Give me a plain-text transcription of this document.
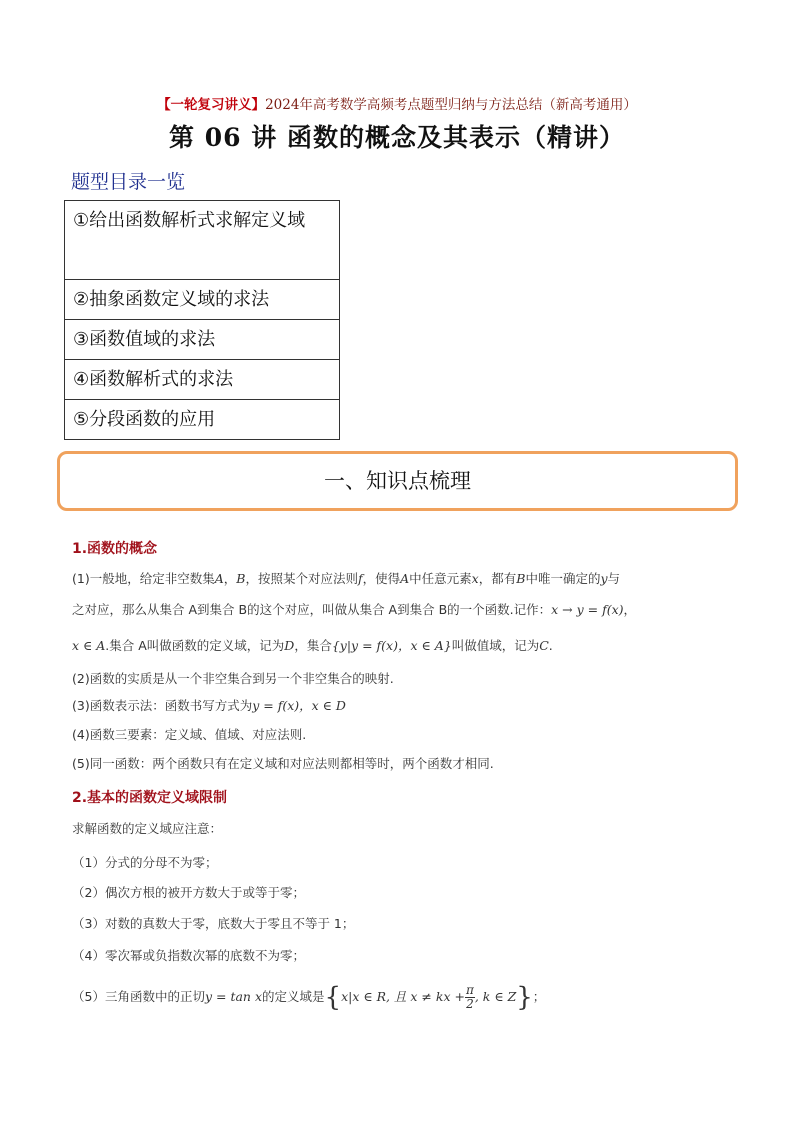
【一轮复习讲义】2024年高考数学高频考点题型归纳与方法总结（新高考通用）
第 06 讲 函数的概念及其表示（精讲）
题型目录一览
①给出函数解析式求解定义域

②抽象函数定义域的求法
③函数值域的求法
④函数解析式的求法
⑤分段函数的应用
一、知识点梳理
1.函数的概念
(1)一般地，给定非空数集A，B，按照某个对应法则f，使得A中任意元素x，都有B中唯一确定的y与
之对应，那么从集合 A到集合 B的这个对应，叫做从集合 A到集合 B的一个函数.记作：x → y = f(x)，
x ∈ A.集合 A叫做函数的定义域，记为D，集合{y|y = f(x)，x ∈ A}叫做值域，记为C.
(2)函数的实质是从一个非空集合到另一个非空集合的映射.
(3)函数表示法：函数书写方式为y = f(x)，x ∈ D
(4)函数三要素：定义域、值域、对应法则.
(5)同一函数：两个函数只有在定义域和对应法则都相等时，两个函数才相同.
2.基本的函数定义域限制
求解函数的定义域应注意：
（1）分式的分母不为零；
（2）偶次方根的被开方数大于或等于零；
（3）对数的真数大于零，底数大于零且不等于 1；
（4）零次幂或负指数次幂的底数不为零；
（5）三角函数中的正切y = tan x的定义域是{x|x ∈ R, 且 x ≠ kx + $\frac{\pi}{2}$ , k ∈ Z}；
